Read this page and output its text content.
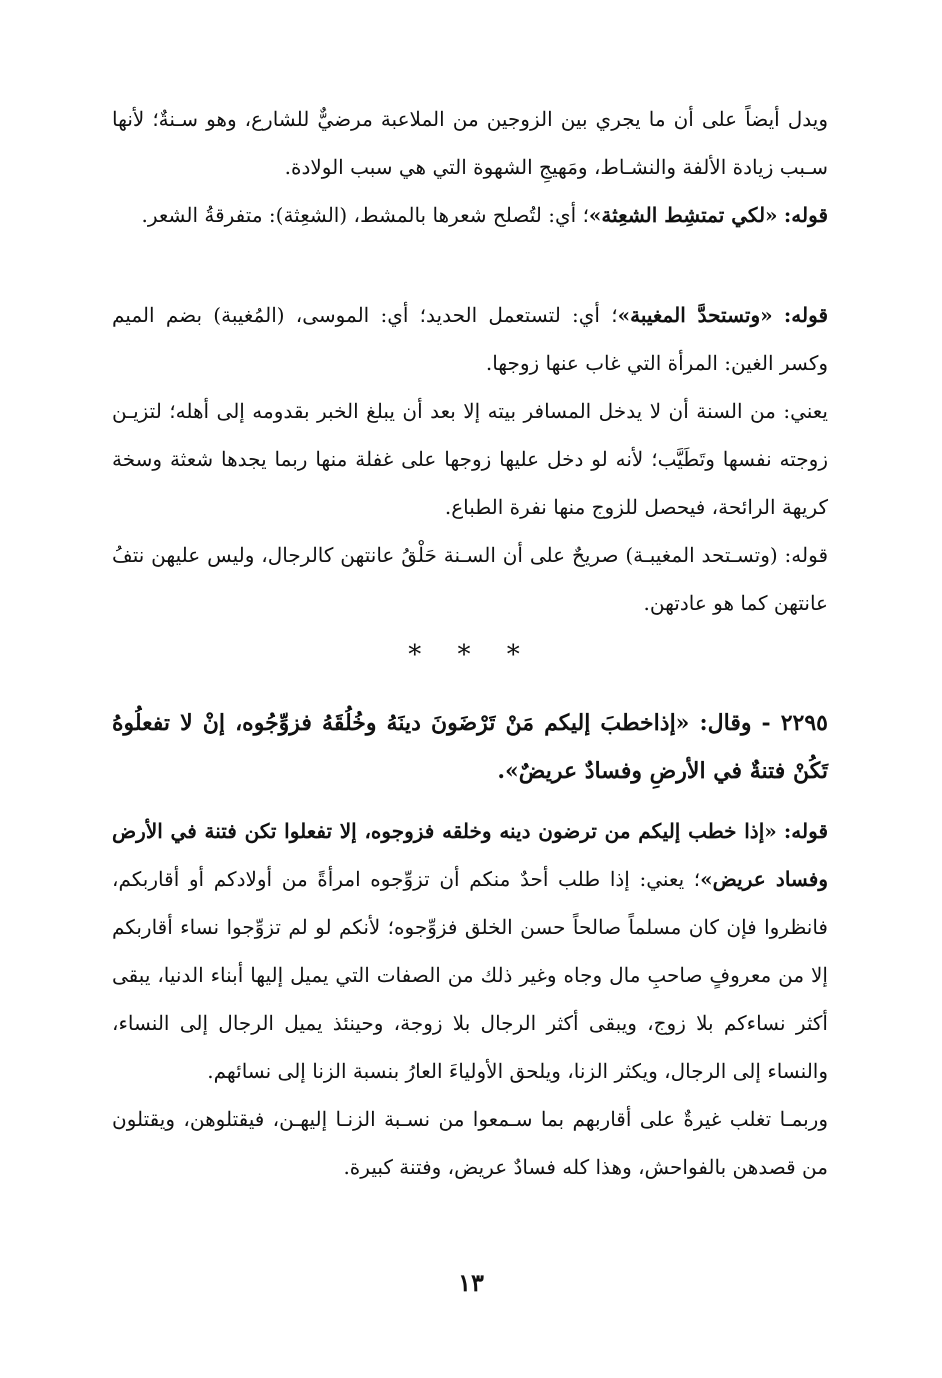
ويدل أيضاً على أن ما يجري بين الزوجين من الملاعبة مرضيٌّ للشارع، وهو سـنةٌ؛ لأنها سـبب زيادة الألفة والنشـاط، ومَهيجِ الشهوة التي هي سبب الولادة.

قوله: «لكي تمتشِط الشعِثة»؛ أي: لتُصلح شعرها بالمشط، (الشعِثة): متفرقةُ الشعر.

قوله: «وتستحدَّ المغيبة»؛ أي: لتستعمل الحديد؛ أي: الموسى، (المُغيبة) بضم الميم وكسر الغين: المرأة التي غاب عنها زوجها.

يعني: من السنة أن لا يدخل المسافر بيته إلا بعد أن يبلغ الخبر بقدومه إلى أهله؛ لتزيـن زوجته نفسها وتَطَيَّب؛ لأنه لو دخل عليها زوجها على غفلة منها ربما يجدها شعثة وسخة كريهة الرائحة، فيحصل للزوج منها نفرة الطباع.

قوله: (وتسـتحد المغيبـة) صريحٌ على أن السـنة حَلْقُ عانتهن كالرجال، وليس عليهن نتفُ عانتهن كما هو عادتهن.

* * *

٢٢٩٥ - وقال: «إذاخطبَ إليكم مَنْ تَرْضَونَ دينَهُ وخُلُقَهُ فزوِّجُوه، إنْ لا تفعلُوهُ تَكُنْ فتنةٌ في الأرضِ وفسادٌ عريضٌ».

قوله: «إذا خطب إليكم من ترضون دينه وخلقه فزوجوه، إلا تفعلوا تكن فتنة في الأرض وفساد عريض»؛ يعني: إذا طلب أحدٌ منكم أن تزوِّجوه امرأةً من أولادكم أو أقاربكم، فانظروا فإن كان مسلماً صالحاً حسن الخلق فزوِّجوه؛ لأنكم لو لم تزوِّجوا نساء أقاربكم إلا من معروفٍ صاحبِ مال وجاه وغير ذلك من الصفات التي يميل إليها أبناء الدنيا، يبقى أكثر نساءكم بلا زوج، ويبقى أكثر الرجال بلا زوجة، وحينئذ يميل الرجال إلى النساء، والنساء إلى الرجال، ويكثر الزنا، ويلحق الأولياءَ العارُ بنسبة الزنا إلى نسائهم.

وربمـا تغلب غيرةٌ على أقاربهم بما سـمعوا من نسـبة الزنـا إليهـن، فيقتلوهن، ويقتلون من قصدهن بالفواحش، وهذا كله فسادٌ عريض، وفتنة كبيرة.

١٣
